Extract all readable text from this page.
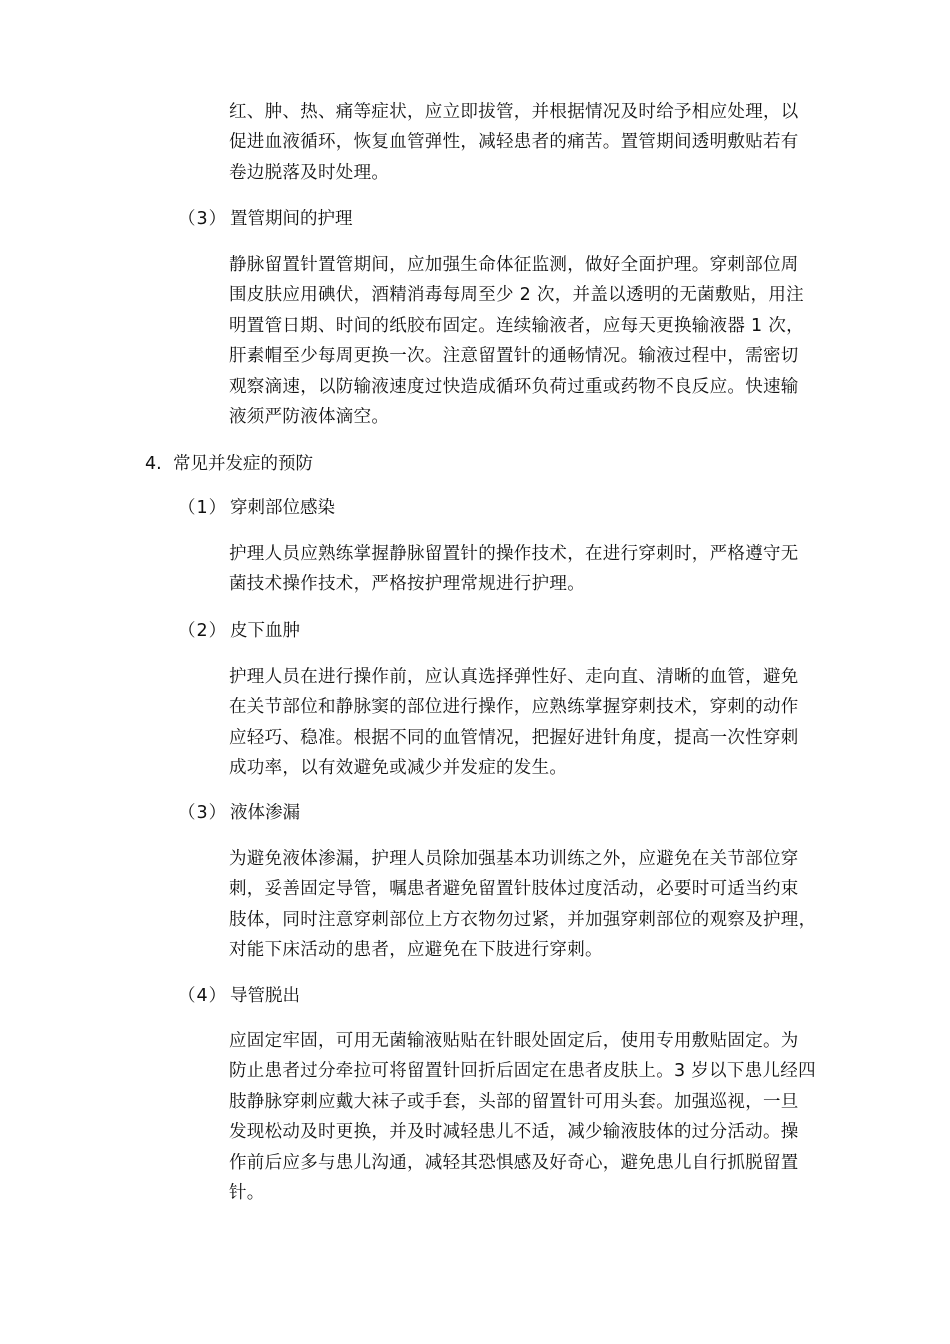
红、肿、热、痛等症状，应立即拔管，并根据情况及时给予相应处理，以
促进血液循环，恢复血管弹性，减轻患者的痛苦。置管期间透明敷贴若有
卷边脱落及时处理。
（3） 置管期间的护理
静脉留置针置管期间，应加强生命体征监测，做好全面护理。穿刺部位周
围皮肤应用碘伏，酒精消毒每周至少 2 次，并盖以透明的无菌敷贴，用注
明置管日期、时间的纸胶布固定。连续输液者，应每天更换输液器 1 次，
肝素帽至少每周更换一次。注意留置针的通畅情况。输液过程中，需密切
观察滴速，以防输液速度过快造成循环负荷过重或药物不良反应。快速输
液须严防液体滴空。
4. 常见并发症的预防
（1） 穿刺部位感染
护理人员应熟练掌握静脉留置针的操作技术，在进行穿刺时，严格遵守无
菌技术操作技术，严格按护理常规进行护理。
（2） 皮下血肿
护理人员在进行操作前，应认真选择弹性好、走向直、清晰的血管，避免
在关节部位和静脉窦的部位进行操作，应熟练掌握穿刺技术，穿刺的动作
应轻巧、稳准。根据不同的血管情况，把握好进针角度，提高一次性穿刺
成功率，以有效避免或减少并发症的发生。
（3） 液体渗漏
为避免液体渗漏，护理人员除加强基本功训练之外，应避免在关节部位穿
刺，妥善固定导管，嘱患者避免留置针肢体过度活动，必要时可适当约束
肢体，同时注意穿刺部位上方衣物勿过紧，并加强穿刺部位的观察及护理，
对能下床活动的患者，应避免在下肢进行穿刺。
（4） 导管脱出
应固定牢固，可用无菌输液贴贴在针眼处固定后，使用专用敷贴固定。为
防止患者过分牵拉可将留置针回折后固定在患者皮肤上。3 岁以下患儿经四
肢静脉穿刺应戴大袜子或手套，头部的留置针可用头套。加强巡视，一旦
发现松动及时更换，并及时减轻患儿不适，减少输液肢体的过分活动。操
作前后应多与患儿沟通，减轻其恐惧感及好奇心，避免患儿自行抓脱留置
针。
